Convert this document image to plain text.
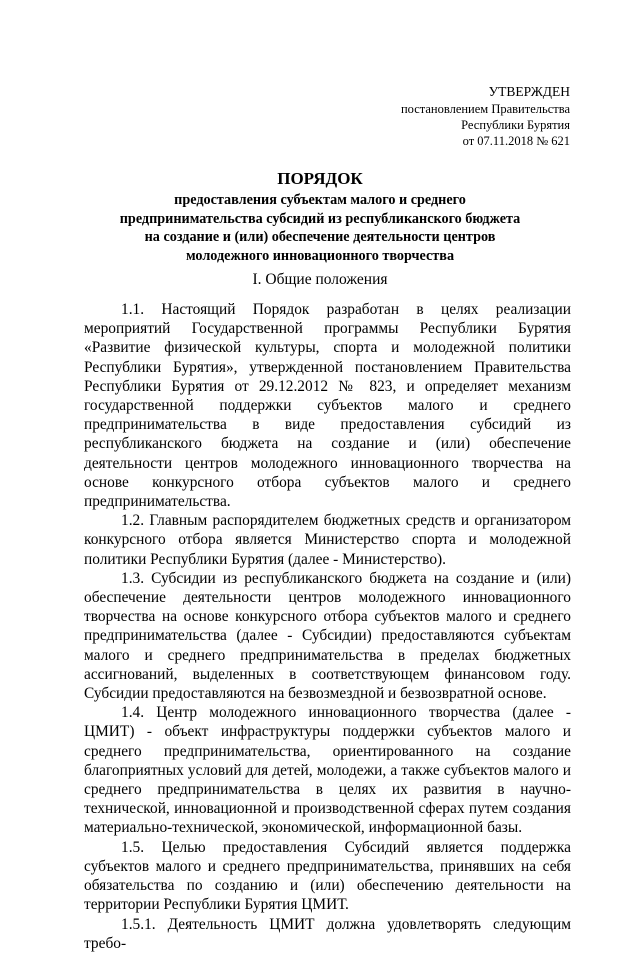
УТВЕРЖДЕН
постановлением Правительства
Республики Бурятия
от 07.11.2018 № 621
ПОРЯДОК
предоставления субъектам малого и среднего
предпринимательства субсидий из республиканского бюджета
на создание и (или) обеспечение деятельности центров
молодежного инновационного творчества
I. Общие положения

1.1. Настоящий Порядок разработан в целях реализации мероприятий Государственной программы Республики Бурятия «Развитие физической культуры, спорта и молодежной политики Республики Бурятия», утвержденной постановлением Правительства Республики Бурятия от 29.12.2012 № 823, и определяет механизм государственной поддержки субъектов малого и среднего предпринимательства в виде предоставления субсидий из республиканского бюджета на создание и (или) обеспечение деятельности центров молодежного инновационного творчества на основе конкурсного отбора субъектов малого и среднего предпринимательства.

1.2. Главным распорядителем бюджетных средств и организатором конкурсного отбора является Министерство спорта и молодежной политики Республики Бурятия (далее - Министерство).

1.3. Субсидии из республиканского бюджета на создание и (или) обеспечение деятельности центров молодежного инновационного творчества на основе конкурсного отбора субъектов малого и среднего предпринимательства (далее - Субсидии) предоставляются субъектам малого и среднего предпринимательства в пределах бюджетных ассигнований, выделенных в соответствующем финансовом году. Субсидии предоставляются на безвозмездной и безвозвратной основе.

1.4. Центр молодежного инновационного творчества (далее - ЦМИТ) - объект инфраструктуры поддержки субъектов малого и среднего предпринимательства, ориентированного на создание благоприятных условий для детей, молодежи, а также субъектов малого и среднего предпринимательства в целях их развития в научно-технической, инновационной и производственной сферах путем создания материально-технической, экономической, информационной базы.

1.5. Целью предоставления Субсидий является поддержка субъектов малого и среднего предпринимательства, принявших на себя обязательства по созданию и (или) обеспечению деятельности на территории Республики Бурятия ЦМИТ.

1.5.1. Деятельность ЦМИТ должна удовлетворять следующим требо-
